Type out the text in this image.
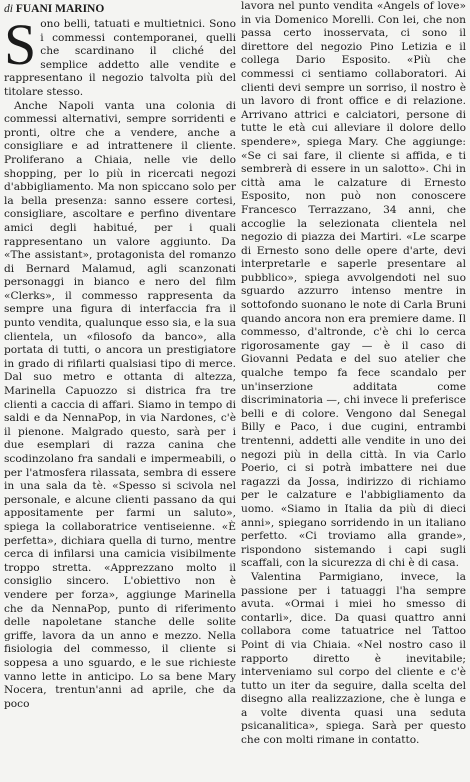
di FUANI MARINO

Sono belli, tatuati e multietnici. Sono i commessi contemporanei, quelli che scardinano il cliché del semplice addetto alle vendite e rappresentano il negozio talvolta più del titolare stesso.

Anche Napoli vanta una colonia di commessi alternativi, sempre sorridenti e pronti, oltre che a vendere, anche a consigliare e ad intrattenere il cliente. Proliferano a Chiaia, nelle vie dello shopping, per lo più in ricercati negozi d'abbigliamento. Ma non spiccano solo per la bella presenza: sanno essere cortesi, consigliare, ascoltare e perfino diventare amici degli habitué, per i quali rappresentano un valore aggiunto. Da «The assistant», protagonista del romanzo di Bernard Malamud, agli scanzonati personaggi in bianco e nero del film «Clerks», il commesso rappresenta da sempre una figura di interfaccia fra il punto vendita, qualunque esso sia, e la sua clientela, un «filosofo da banco», alla portata di tutti, o ancora un prestigiatore in grado di rifilarti qualsiasi tipo di merce. Dal suo metro e ottanta di altezza, Marinella Capuozzo si districa fra tre clienti a caccia di affari. Siamo in tempo di saldi e da NennaPop, in via Nardones, c'è il pienone. Malgrado questo, sarà per i due esemplari di razza canina che scodinzolano fra sandali e impermeabili, o per l'atmosfera rilassata, sembra di essere in una sala da tè. «Spesso si scivola nel personale, e alcune clienti passano da qui appositamente per farmi un saluto», spiega la collaboratrice ventiseienne. «È perfetta», dichiara quella di turno, mentre cerca di infilarsi una camicia visibilmente troppo stretta. «Apprezzano molto il consiglio sincero. L'obiettivo non è vendere per forza», aggiunge Marinella che da NennaPop, punto di riferimento delle napoletane stanche delle solite griffe, lavora da un anno e mezzo. Nella fisiologia del commesso, il cliente si soppesa a uno sguardo, e le sue richieste vanno lette in anticipo. Lo sa bene Mary Nocera, trentun'anni ad aprile, che da poco

lavora nel punto vendita «Angels of love» in via Domenico Morelli. Con lei, che non passa certo inosservata, ci sono il direttore del negozio Pino Letizia e il collega Dario Esposito. «Più che commessi ci sentiamo collaboratori. Ai clienti devi sempre un sorriso, il nostro è un lavoro di front office e di relazione. Arrivano attrici e calciatori, persone di tutte le età cui alleviare il dolore dello spendere», spiega Mary. Che aggiunge: «Se ci sai fare, il cliente si affida, e ti sembrerà di essere in un salotto». Chi in città ama le calzature di Ernesto Esposito, non può non conoscere Francesco Terrazzano, 34 anni, che accoglie la selezionata clientela nel negozio di piazza dei Martiri. «Le scarpe di Ernesto sono delle opere d'arte, devi interpretarle e saperle presentare al pubblico», spiega avvolgendoti nel suo sguardo azzurro intenso mentre in sottofondo suonano le note di Carla Bruni quando ancora non era premiere dame. Il commesso, d'altronde, c'è chi lo cerca rigorosamente gay — è il caso di Giovanni Pedata e del suo atelier che qualche tempo fa fece scandalo per un'inserzione additata come discriminatoria —, chi invece li preferisce belli e di colore. Vengono dal Senegal Billy e Paco, i due cugini, entrambi trentenni, addetti alle vendite in uno dei negozi più in della città. In via Carlo Poerio, ci si potrà imbattere nei due ragazzi da Jossa, indirizzo di richiamo per le calzature e l'abbigliamento da uomo. «Siamo in Italia da più di dieci anni», spiegano sorridendo in un italiano perfetto. «Ci troviamo alla grande», rispondono sistemando i capi sugli scaffali, con la sicurezza di chi è di casa.

Valentina Parmigiano, invece, la passione per i tatuaggi l'ha sempre avuta. «Ormai i miei ho smesso di contarli», dice. Da quasi quattro anni collabora come tatuatrice nel Tattoo Point di via Chiaia. «Nel nostro caso il rapporto diretto è inevitabile; interveniamo sul corpo del cliente e c'è tutto un iter da seguire, dalla scelta del disegno alla realizzazione, che è lunga e a volte diventa quasi una seduta psicanalitica», spiega. Sarà per questo che con molti rimane in contatto.
